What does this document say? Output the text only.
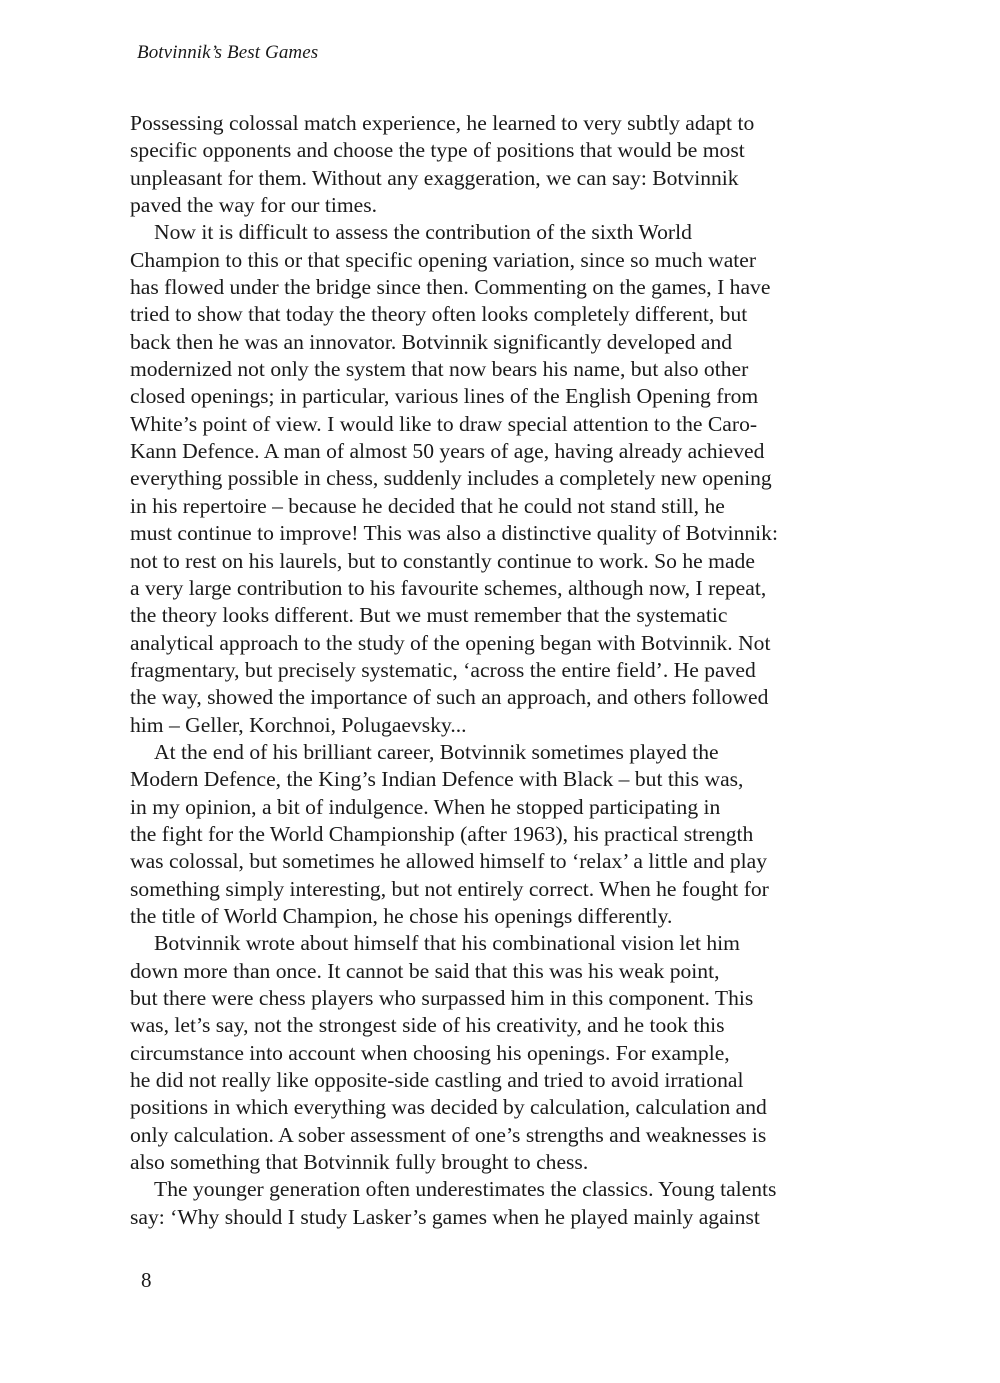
Botvinnik’s Best Games
Possessing colossal match experience, he learned to very subtly adapt to
specific opponents and choose the type of positions that would be most
unpleasant for them. Without any exaggeration, we can say: Botvinnik
paved the way for our times.
Now it is difficult to assess the contribution of the sixth World
Champion to this or that specific opening variation, since so much water
has flowed under the bridge since then. Commenting on the games, I have
tried to show that today the theory often looks completely different, but
back then he was an innovator. Botvinnik significantly developed and
modernized not only the system that now bears his name, but also other
closed openings; in particular, various lines of the English Opening from
White’s point of view. I would like to draw special attention to the Caro-
Kann Defence. A man of almost 50 years of age, having already achieved
everything possible in chess, suddenly includes a completely new opening
in his repertoire – because he decided that he could not stand still, he
must continue to improve! This was also a distinctive quality of Botvinnik:
not to rest on his laurels, but to constantly continue to work. So he made
a very large contribution to his favourite schemes, although now, I repeat,
the theory looks different. But we must remember that the systematic
analytical approach to the study of the opening began with Botvinnik. Not
fragmentary, but precisely systematic, ‘across the entire field’. He paved
the way, showed the importance of such an approach, and others followed
him – Geller, Korchnoi, Polugaevsky...
At the end of his brilliant career, Botvinnik sometimes played the
Modern Defence, the King’s Indian Defence with Black – but this was,
in my opinion, a bit of indulgence. When he stopped participating in
the fight for the World Championship (after 1963), his practical strength
was colossal, but sometimes he allowed himself to ‘relax’ a little and play
something simply interesting, but not entirely correct. When he fought for
the title of World Champion, he chose his openings differently.
Botvinnik wrote about himself that his combinational vision let him
down more than once. It cannot be said that this was his weak point,
but there were chess players who surpassed him in this component. This
was, let’s say, not the strongest side of his creativity, and he took this
circumstance into account when choosing his openings. For example,
he did not really like opposite-side castling and tried to avoid irrational
positions in which everything was decided by calculation, calculation and
only calculation. A sober assessment of one’s strengths and weaknesses is
also something that Botvinnik fully brought to chess.
The younger generation often underestimates the classics. Young talents
say: ‘Why should I study Lasker’s games when he played mainly against
8
